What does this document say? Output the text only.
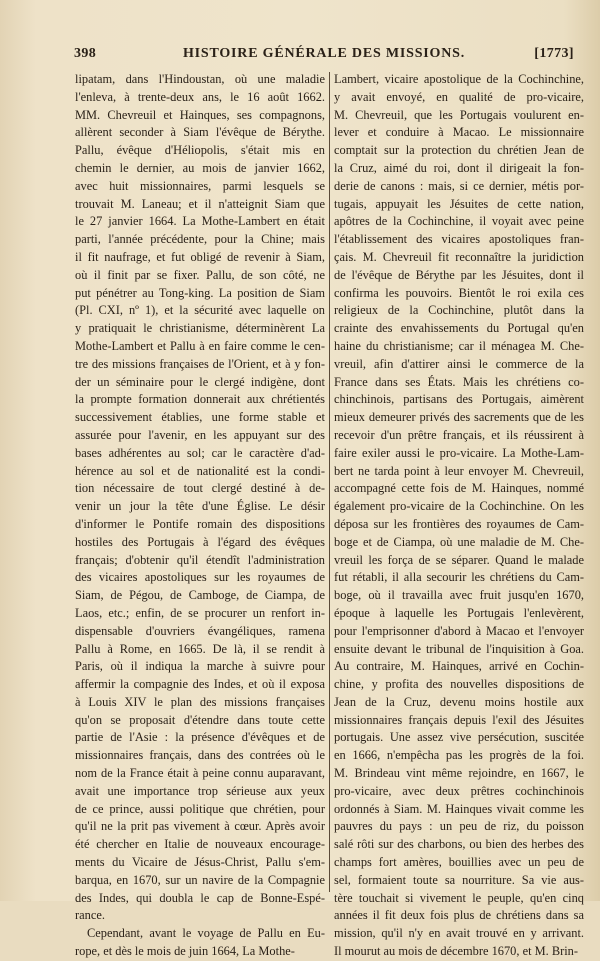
398	HISTOIRE GÉNÉRALE DES MISSIONS.	[1773]
lipatam, dans l'Hindoustan, où une maladie
l'enleva, à trente-deux ans, le 16 août 1662.
MM. Chevreuil et Hainques, ses compagnons,
allèrent seconder à Siam l'évêque de Bérythe.
Pallu, évêque d'Héliopolis, s'était mis en
chemin le dernier, au mois de janvier 1662,
avec huit missionnaires, parmi lesquels se
trouvait M. Laneau; et il n'atteignit Siam que
le 27 janvier 1664. La Mothe-Lambert en était
parti, l'année précédente, pour la Chine; mais
il fit naufrage, et fut obligé de revenir à Siam,
où il finit par se fixer. Pallu, de son côté, ne
put pénétrer au Tong-king. La position de Siam
(Pl. CXI, nº 1), et la sécurité avec laquelle on
y pratiquait le christianisme, déterminèrent La
Mothe-Lambert et Pallu à en faire comme le cen-
tre des missions françaises de l'Orient, et à y fon-
der un séminaire pour le clergé indigène, dont
la prompte formation donnerait aux chrétientés
successivement établies, une forme stable et
assurée pour l'avenir, en les appuyant sur des
bases adhérentes au sol; car le caractère d'ad-
hérence au sol et de nationalité est la condi-
tion nécessaire de tout clergé destiné à de-
venir un jour la tête d'une Église. Le désir
d'informer le Pontife romain des dispositions
hostiles des Portugais à l'égard des évêques
français; d'obtenir qu'il étendît l'administration
des vicaires apostoliques sur les royaumes de
Siam, de Pégou, de Camboge, de Ciampa, de
Laos, etc.; enfin, de se procurer un renfort in-
dispensable d'ouvriers évangéliques, ramena
Pallu à Rome, en 1665. De là, il se rendit à
Paris, où il indiqua la marche à suivre pour
affermir la compagnie des Indes, et où il exposa
à Louis XIV le plan des missions françaises
qu'on se proposait d'étendre dans toute cette
partie de l'Asie : la présence d'évêques et de
missionnaires français, dans des contrées où le
nom de la France était à peine connu auparavant,
avait une importance trop sérieuse aux yeux
de ce prince, aussi politique que chrétien, pour
qu'il ne la prit pas vivement à cœur. Après avoir
été chercher en Italie de nouveaux encourage-
ments du Vicaire de Jésus-Christ, Pallu s'em-
barqua, en 1670, sur un navire de la Compagnie
des Indes, qui doubla le cap de Bonne-Espé-
rance.
Cependant, avant le voyage de Pallu en Eu-
rope, et dès le mois de juin 1664, La Mothe-
Lambert, vicaire apostolique de la Cochinchine,
y avait envoyé, en qualité de pro-vicaire,
M. Chevreuil, que les Portugais voulurent en-
lever et conduire à Macao. Le missionnaire
comptait sur la protection du chrétien Jean de
la Cruz, aimé du roi, dont il dirigeait la fon-
derie de canons : mais, si ce dernier, métis por-
tugais, appuyait les Jésuites de cette nation,
apôtres de la Cochinchine, il voyait avec peine
l'établissement des vicaires apostoliques fran-
çais. M. Chevreuil fit reconnaître la juridiction
de l'évêque de Bérythe par les Jésuites, dont il
confirma les pouvoirs. Bientôt le roi exila ces
religieux de la Cochinchine, plutôt dans la
crainte des envahissements du Portugal qu'en
haine du christianisme; car il ménagea M. Che-
vreuil, afin d'attirer ainsi le commerce de la
France dans ses États. Mais les chrétiens co-
chinchinois, partisans des Portugais, aimèrent
mieux demeurer privés des sacrements que de les
recevoir d'un prêtre français, et ils réussirent à
faire exiler aussi le pro-vicaire. La Mothe-Lam-
bert ne tarda point à leur envoyer M. Chevreuil,
accompagné cette fois de M. Hainques, nommé
également pro-vicaire de la Cochinchine. On les
déposa sur les frontières des royaumes de Cam-
boge et de Ciampa, où une maladie de M. Che-
vreuil les força de se séparer. Quand le malade
fut rétabli, il alla secourir les chrétiens du Cam-
boge, où il travailla avec fruit jusqu'en 1670,
époque à laquelle les Portugais l'enlevèrent,
pour l'emprisonner d'abord à Macao et l'envoyer
ensuite devant le tribunal de l'inquisition à Goa.
Au contraire, M. Hainques, arrivé en Cochin-
chine, y profita des nouvelles dispositions de
Jean de la Cruz, devenu moins hostile aux
missionnaires français depuis l'exil des Jésuites
portugais. Une assez vive persécution, suscitée
en 1666, n'empêcha pas les progrès de la foi.
M. Brindeau vint même rejoindre, en 1667, le
pro-vicaire, avec deux prêtres cochinchinois
ordonnés à Siam. M. Hainques vivait comme les
pauvres du pays : un peu de riz, du poisson
salé rôti sur des charbons, ou bien des herbes des
champs fort amères, bouillies avec un peu de
sel, formaient toute sa nourriture. Sa vie aus-
tère touchait si vivement le peuple, qu'en cinq
années il fit deux fois plus de chrétiens dans sa
mission, qu'il n'y en avait trouvé en y arrivant.
Il mourut au mois de décembre 1670, et M. Brin-
